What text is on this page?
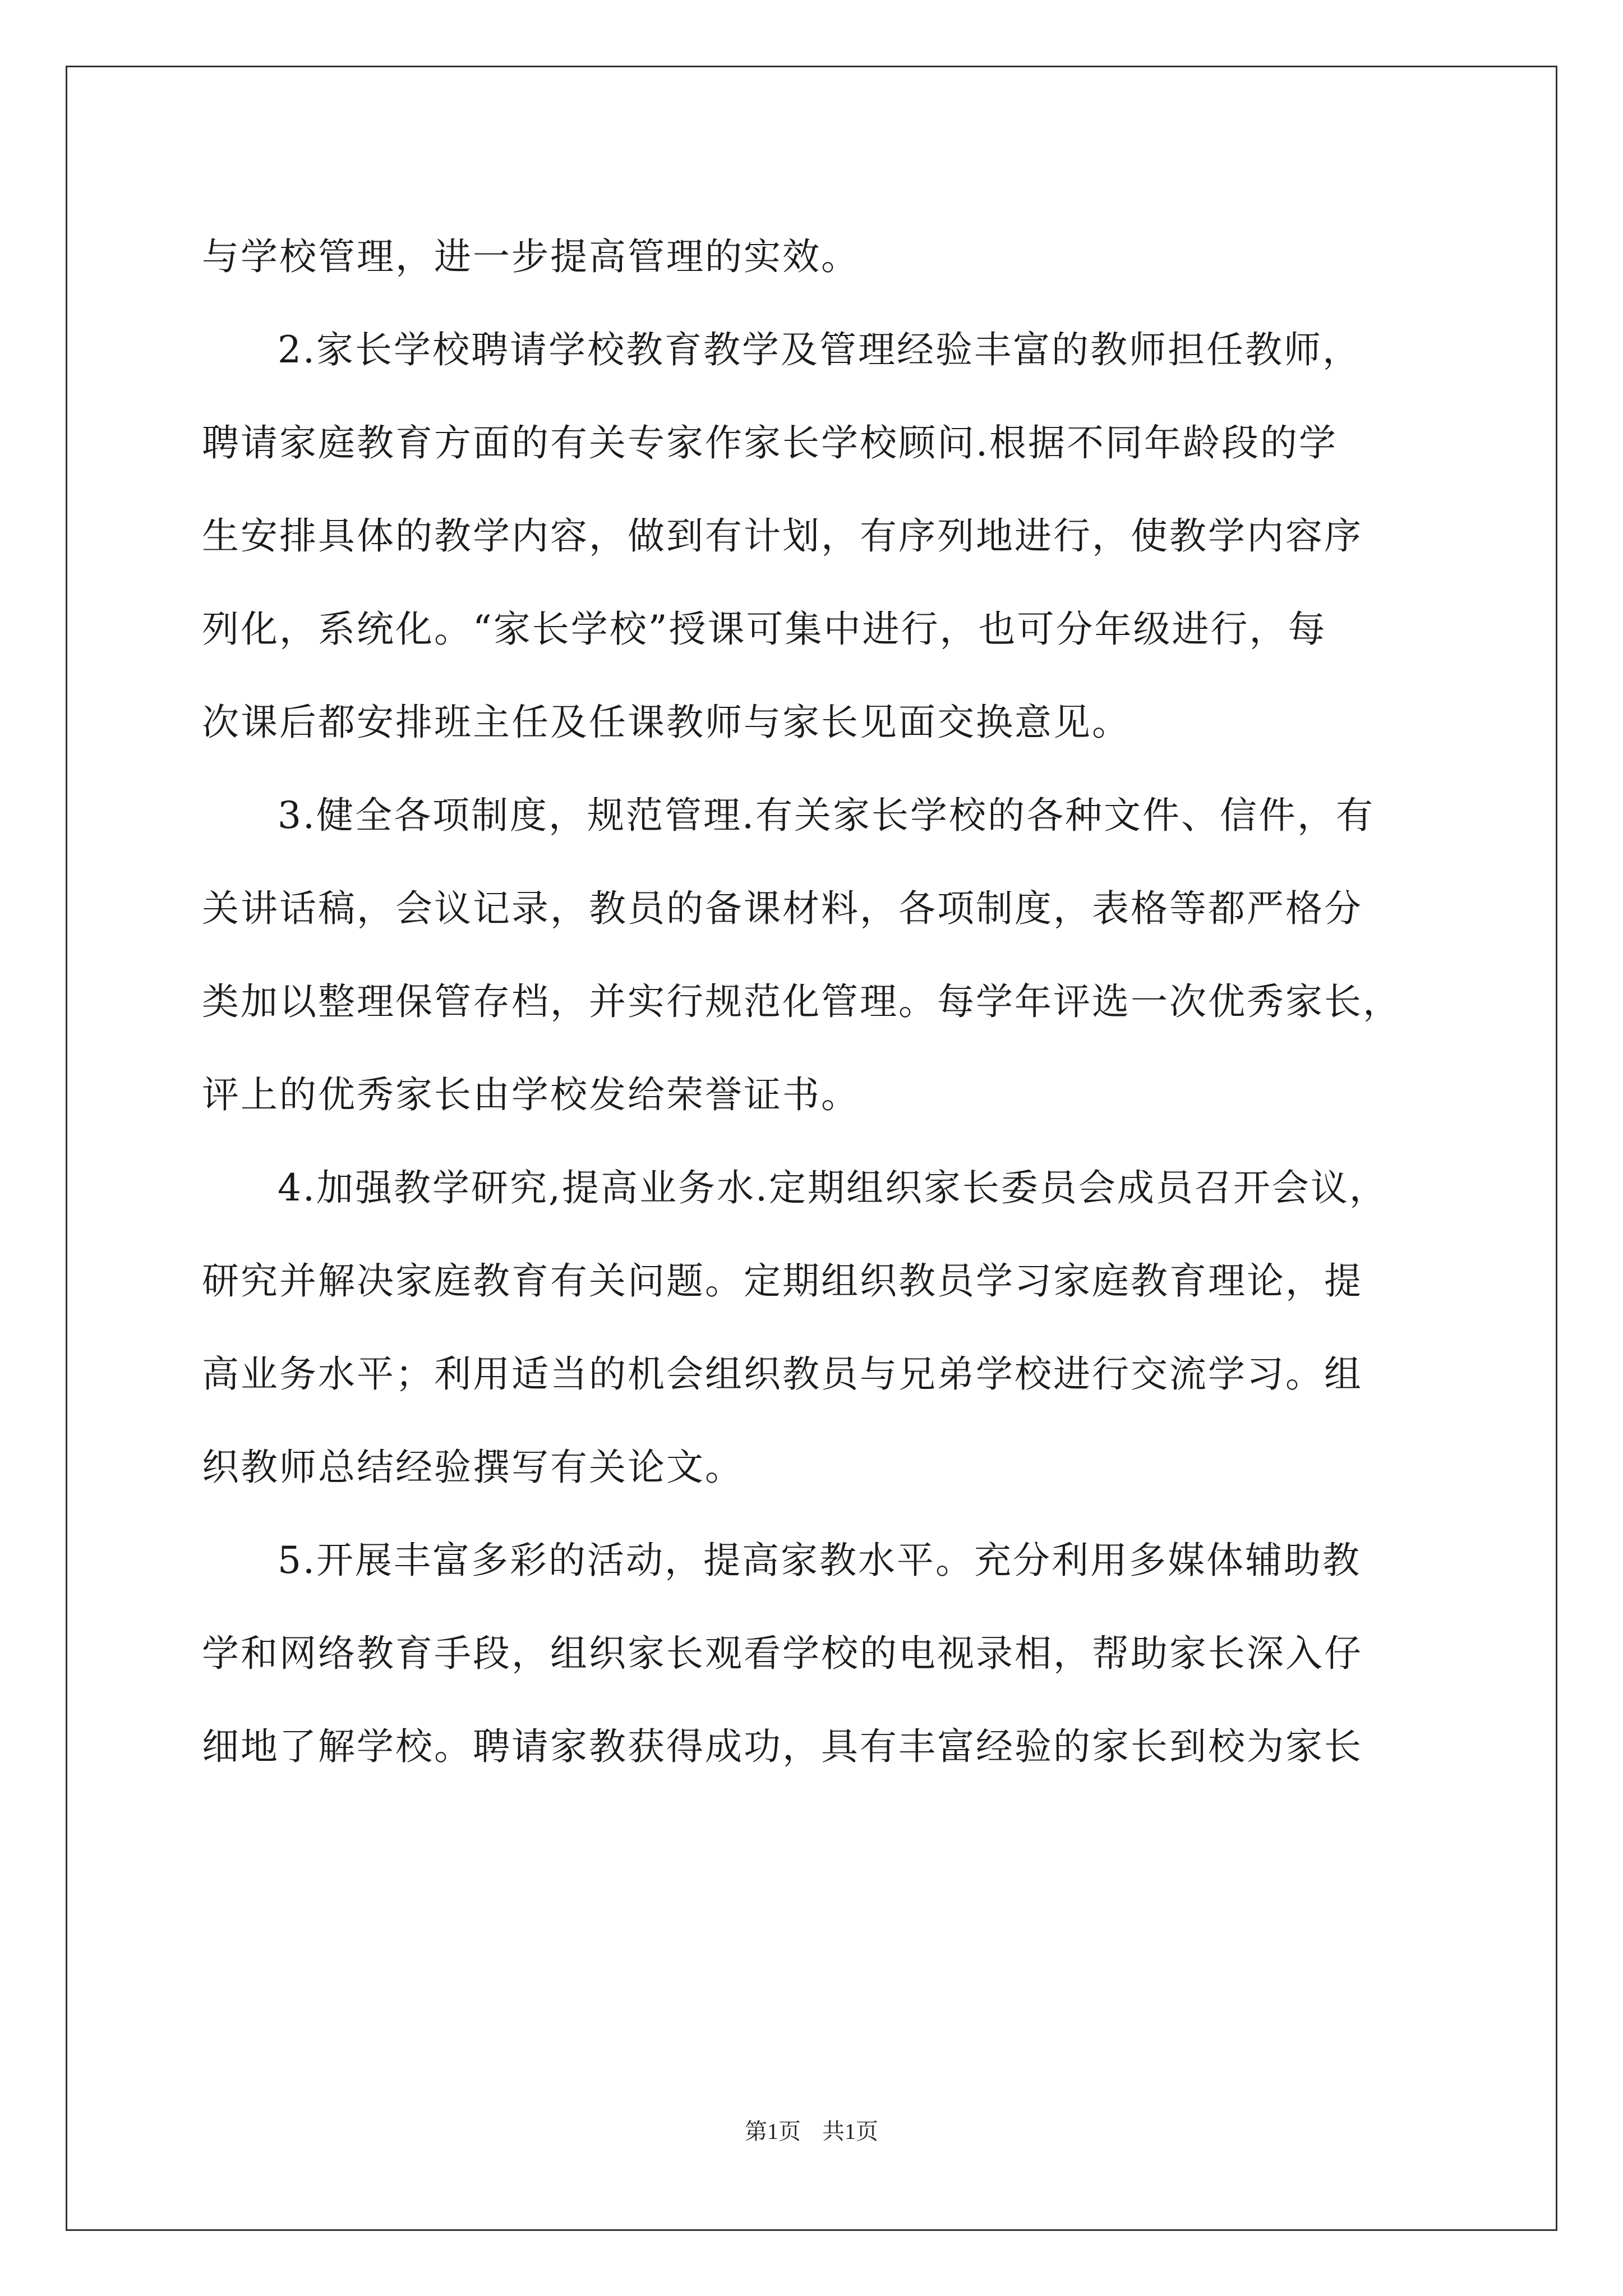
与学校管理，进一步提高管理的实效。
2.家长学校聘请学校教育教学及管理经验丰富的教师担任教师，
聘请家庭教育方面的有关专家作家长学校顾问.根据不同年龄段的学
生安排具体的教学内容，做到有计划，有序列地进行，使教学内容序
列化，系统化。“家长学校”授课可集中进行，也可分年级进行，每
次课后都安排班主任及任课教师与家长见面交换意见。
3.健全各项制度，规范管理.有关家长学校的各种文件、信件，有
关讲话稿，会议记录，教员的备课材料，各项制度，表格等都严格分
类加以整理保管存档，并实行规范化管理。每学年评选一次优秀家长，
评上的优秀家长由学校发给荣誉证书。
4.加强教学研究,提高业务水.定期组织家长委员会成员召开会议，
研究并解决家庭教育有关问题。定期组织教员学习家庭教育理论，提
高业务水平；利用适当的机会组织教员与兄弟学校进行交流学习。组
织教师总结经验撰写有关论文。
5.开展丰富多彩的活动，提高家教水平。充分利用多媒体辅助教
学和网络教育手段，组织家长观看学校的电视录相，帮助家长深入仔
细地了解学校。聘请家教获得成功，具有丰富经验的家长到校为家长
第1页 共1页
